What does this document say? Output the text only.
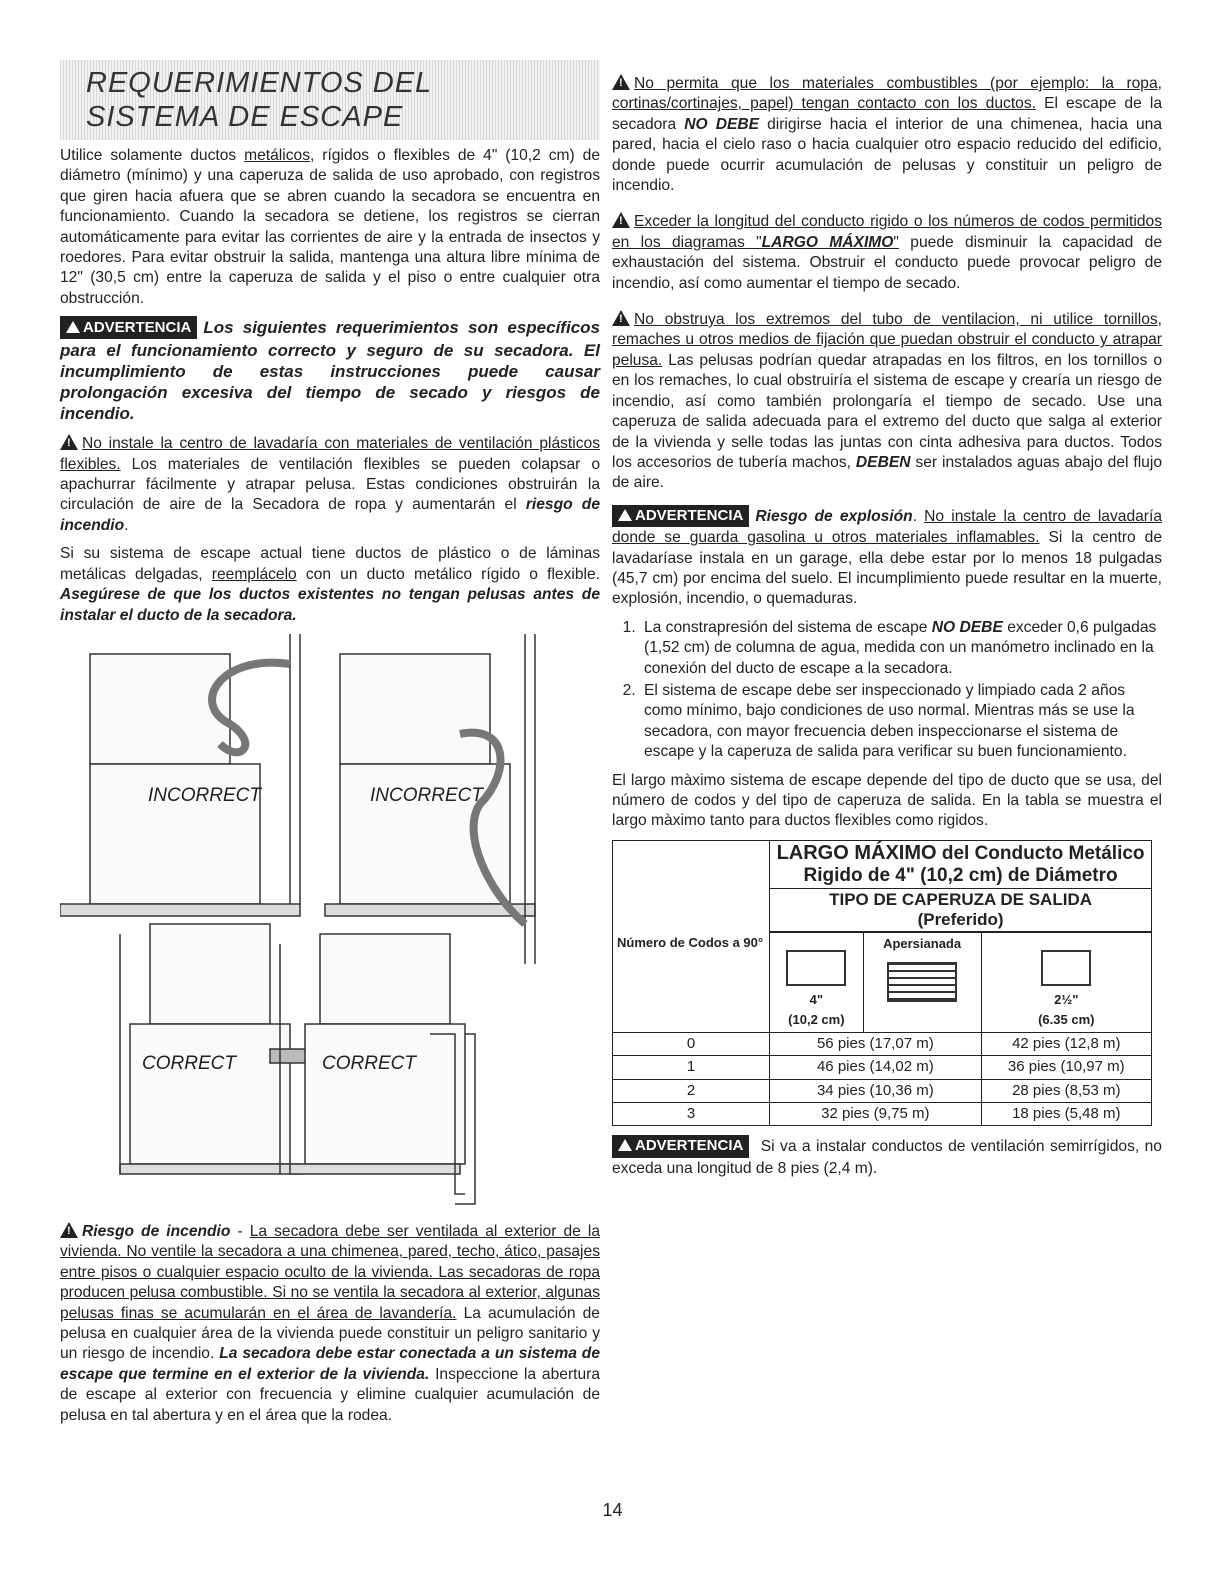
REQUERIMIENTOS DEL
SISTEMA DE ESCAPE

Utilice solamente ductos metálicos, rígidos o flexibles de 4" (10,2 cm) de diámetro (mínimo) y una caperuza de salida de uso aprobado, con registros que giren hacia afuera que se abren cuando la secadora se encuentra en funcionamiento. Cuando la secadora se detiene, los registros se cierran automáticamente para evitar las corrientes de aire y la entrada de insectos y roedores. Para evitar obstruir la salida, mantenga una altura libre mínima de 12" (30,5 cm) entre la caperuza de salida y el piso o entre cualquier otra obstrucción.

ADVERTENCIA Los siguientes requerimientos son específicos para el funcionamiento correcto y seguro de su secadora. El incumplimiento de estas instrucciones puede causar prolongación excesiva del tiempo de secado y riesgos de incendio.

!No instale la centro de lavadaría con materiales de ventilación plásticos flexibles. Los materiales de ventilación flexibles se pueden colapsar o apachurrar fácilmente y atrapar pelusa. Estas condiciones obstruirán la circulación de aire de la Secadora de ropa y aumentarán el riesgo de incendio.

Si su sistema de escape actual tiene ductos de plástico o de láminas metálicas delgadas, reemplácelo con un ducto metálico rígido o flexible. Asegúrese de que los ductos existentes no tengan pelusas antes de instalar el ducto de la secadora.

INCORRECT	INCORRECT
CORRECT	CORRECT

!Riesgo de incendio - La secadora debe ser ventilada al exterior de la vivienda. No ventile la secadora a una chimenea, pared, techo, ático, pasajes entre pisos o cualquier espacio oculto de la vivienda. Las secadoras de ropa producen pelusa combustible. Si no se ventila la secadora al exterior, algunas pelusas finas se acumularán en el área de lavandería. La acumulación de pelusa en cualquier área de la vivienda puede constituir un peligro sanitario y un riesgo de incendio. La secadora debe estar conectada a un sistema de escape que termine en el exterior de la vivienda. Inspeccione la abertura de escape al exterior con frecuencia y elimine cualquier acumulación de pelusa en tal abertura y en el área que la rodea.

!No permita que los materiales combustibles (por ejemplo: la ropa, cortinas/cortinajes, papel) tengan contacto con los ductos. El escape de la secadora NO DEBE dirigirse hacia el interior de una chimenea, hacia una pared, hacia el cielo raso o hacia cualquier otro espacio reducido del edificio, donde puede ocurrir acumulación de pelusas y constituir un peligro de incendio.

!Exceder la longitud del conducto rigido o los números de codos permitidos en los diagramas "LARGO MÁXIMO" puede disminuir la capacidad de exhaustación del sistema. Obstruir el conducto puede provocar peligro de incendio, así como aumentar el tiempo de secado.

!No obstruya los extremos del tubo de ventilacion, ni utilice tornillos, remaches u otros medios de fijación que puedan obstruir el conducto y atrapar pelusa. Las pelusas podrían quedar atrapadas en los filtros, en los tornillos o en los remaches, lo cual obstruiría el sistema de escape y crearía un riesgo de incendio, así como también prolongaría el tiempo de secado. Use una caperuza de salida adecuada para el extremo del ducto que salga al exterior de la vivienda y selle todas las juntas con cinta adhesiva para ductos. Todos los accesorios de tubería machos, DEBEN ser instalados aguas abajo del flujo de aire.

ADVERTENCIA Riesgo de explosión. No instale la centro de lavadaría donde se guarda gasolina u otros materiales inflamables. Si la centro de lavadaríase instala en un garage, ella debe estar por lo menos 18 pulgadas (45,7 cm) por encima del suelo. El incumplimiento puede resultar en la muerte, explosión, incendio, o quemaduras.

1. La constrapresión del sistema de escape NO DEBE exceder 0,6 pulgadas (1,52 cm) de columna de agua, medida con un manómetro inclinado en la conexión del ducto de escape a la secadora.
2. El sistema de escape debe ser inspeccionado y limpiado cada 2 años como mínimo, bajo condiciones de uso normal. Mientras más se use la secadora, con mayor frecuencia deben inspeccionarse el sistema de escape y la caperuza de salida para verificar su buen funcionamiento.

El largo màximo sistema de escape depende del tipo de ducto que se usa, del número de codos y del tipo de caperuza de salida. En la tabla se muestra el largo màximo tanto para ductos flexibles como rigidos.

	LARGO MÁXIMO del Conducto Metálico
Rigido de 4" (10,2 cm) de Diámetro		
	TIPO DE CAPERUZA DE SALIDA
(Preferido)		

Número de Codos a 90°	4"
(10,2 cm)	Apersianada	2½"
(6.35 cm)
0	56 pies (17,07 m)		42 pies (12,8 m)
1	46 pies (14,02 m)		36 pies (10,97 m)
2	34 pies (10,36 m)		28 pies (8,53 m)
3	32 pies (9,75 m)		18 pies (5,48 m)

ADVERTENCIA Si va a instalar conductos de ventilación semirrígidos, no exceda una longitud de 8 pies (2,4 m).

14
